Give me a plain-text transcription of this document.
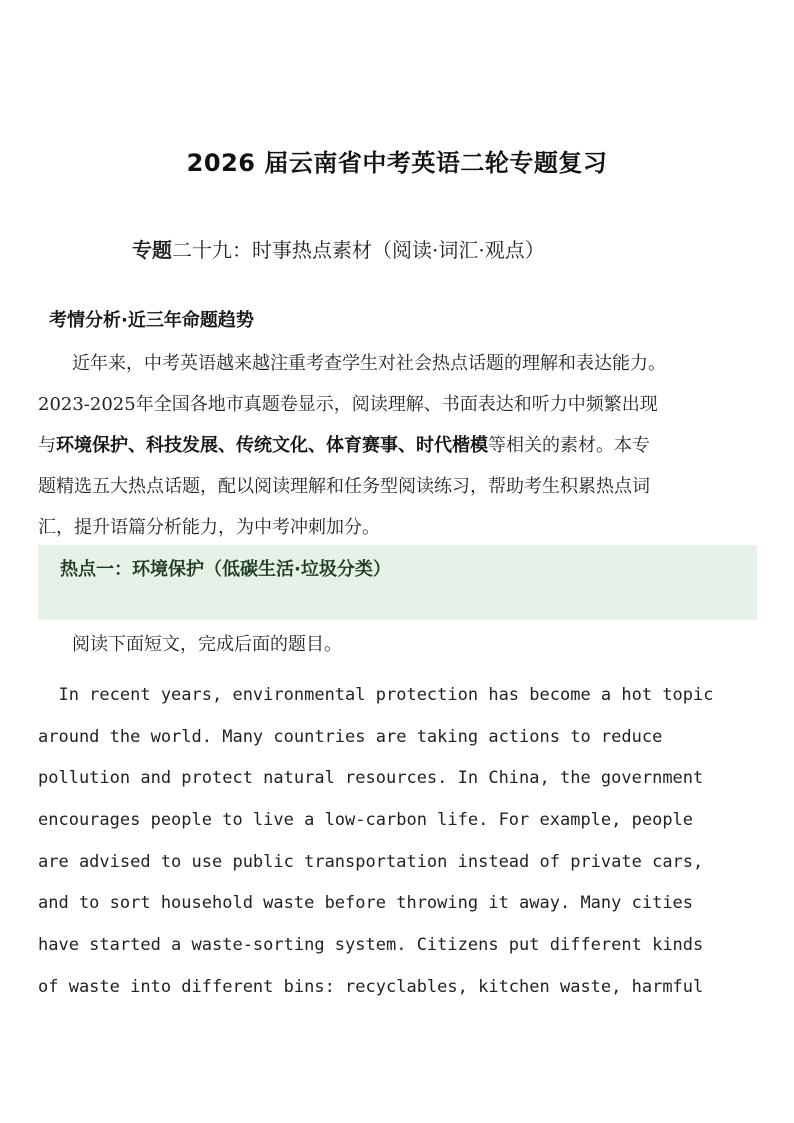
2026 届云南省中考英语二轮专题复习
专题二十九：时事热点素材（阅读·词汇·观点）
考情分析·近三年命题趋势
近年来，中考英语越来越注重考查学生对社会热点话题的理解和表达能力。
2023-2025年全国各地市真题卷显示，阅读理解、书面表达和听力中频繁出现
与环境保护、科技发展、传统文化、体育赛事、时代楷模等相关的素材。本专
题精选五大热点话题，配以阅读理解和任务型阅读练习，帮助考生积累热点词
汇，提升语篇分析能力，为中考冲刺加分。
热点一：环境保护（低碳生活·垃圾分类）
阅读下面短文，完成后面的题目。
In recent years, environmental protection has become a hot topic
around the world. Many countries are taking actions to reduce
pollution and protect natural resources. In China, the government
encourages people to live a low-carbon life. For example, people
are advised to use public transportation instead of private cars,
and to sort household waste before throwing it away. Many cities
have started a waste-sorting system. Citizens put different kinds
of waste into different bins: recyclables, kitchen waste, harmful
